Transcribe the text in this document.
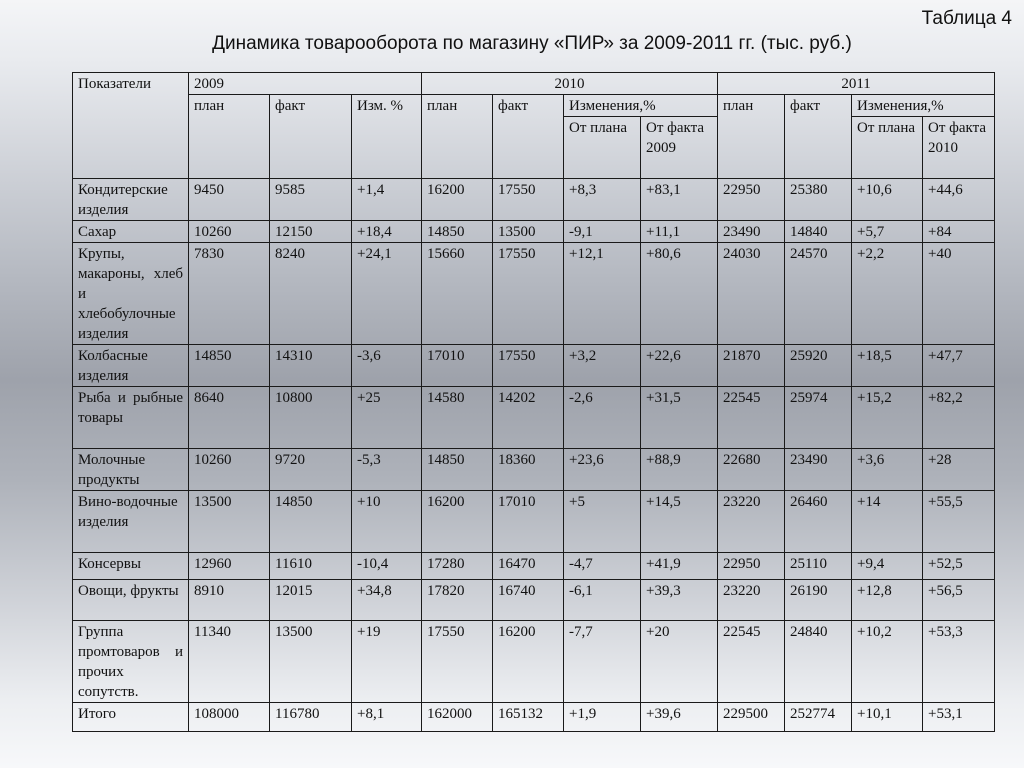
Таблица 4
Динамика товарооборота по магазину «ПИР» за 2009-2011 гг. (тыс. руб.)
Показатели	2009			2010				2011			
	план	факт	Изм. %	план	факт	Изменения,%		план	факт	Изменения,%	
						От плана	От факта 2009			От плана	От факта 2010
Кондитерские изделия	9450	9585	+1,4	16200	17550	+8,3	+83,1	22950	25380	+10,6	+44,6
Сахар	10260	12150	+18,4	14850	13500	-9,1	+11,1	23490	14840	+5,7	+84
Крупы, макароны, хлеб и хлебобулочные изделия	7830	8240	+24,1	15660	17550	+12,1	+80,6	24030	24570	+2,2	+40
Колбасные изделия	14850	14310	-3,6	17010	17550	+3,2	+22,6	21870	25920	+18,5	+47,7
Рыба и рыбные товары	8640	10800	+25	14580	14202	-2,6	+31,5	22545	25974	+15,2	+82,2
Молочные продукты	10260	9720	-5,3	14850	18360	+23,6	+88,9	22680	23490	+3,6	+28
Вино-водочные изделия	13500	14850	+10	16200	17010	+5	+14,5	23220	26460	+14	+55,5
Консервы	12960	11610	-10,4	17280	16470	-4,7	+41,9	22950	25110	+9,4	+52,5
Овощи, фрукты	8910	12015	+34,8	17820	16740	-6,1	+39,3	23220	26190	+12,8	+56,5
Группа промтоваров и прочих сопутств.	11340	13500	+19	17550	16200	-7,7	+20	22545	24840	+10,2	+53,3
Итого	108000	116780	+8,1	162000	165132	+1,9	+39,6	229500	252774	+10,1	+53,1
